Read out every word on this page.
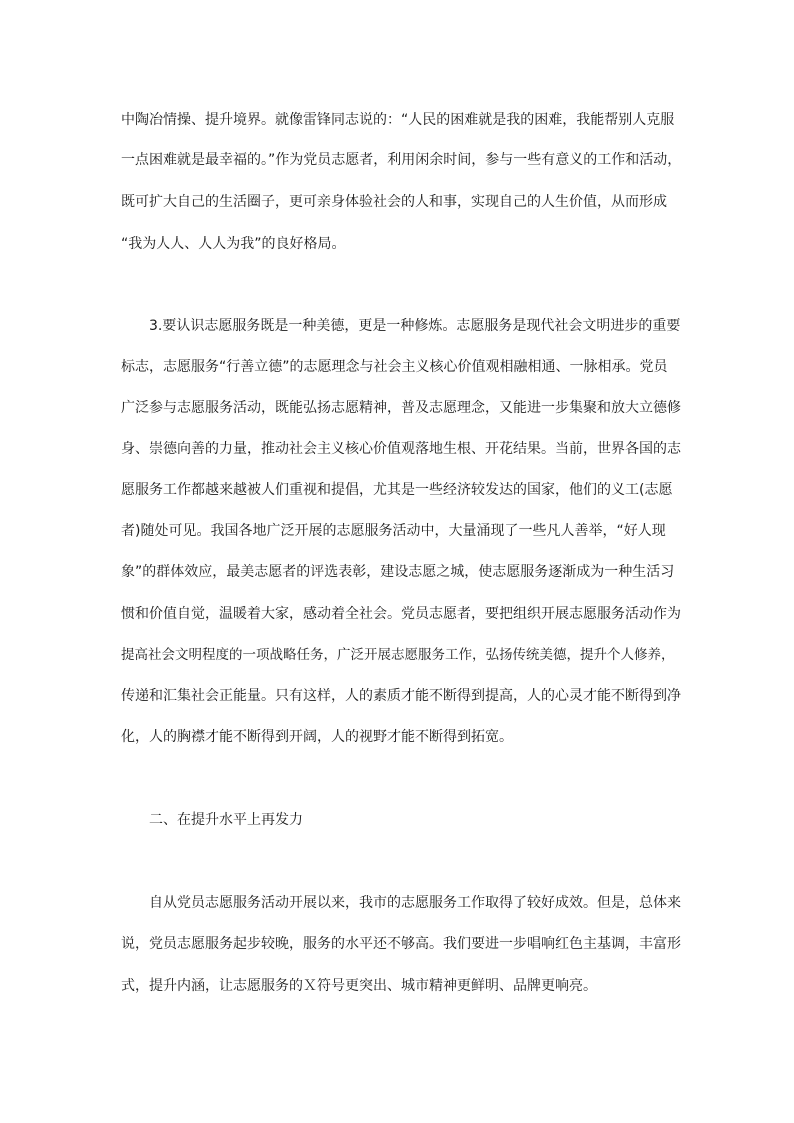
中陶冶情操、提升境界。就像雷锋同志说的：“人民的困难就是我的困难，我能帮别人克服
一点困难就是最幸福的。”作为党员志愿者，利用闲余时间，参与一些有意义的工作和活动，
既可扩大自己的生活圈子，更可亲身体验社会的人和事，实现自己的人生价值，从而形成
“我为人人、人人为我”的良好格局。
3.要认识志愿服务既是一种美德，更是一种修炼。志愿服务是现代社会文明进步的重要
标志，志愿服务“行善立德”的志愿理念与社会主义核心价值观相融相通、一脉相承。党员
广泛参与志愿服务活动，既能弘扬志愿精神，普及志愿理念，又能进一步集聚和放大立德修
身、崇德向善的力量，推动社会主义核心价值观落地生根、开花结果。当前，世界各国的志
愿服务工作都越来越被人们重视和提倡，尤其是一些经济较发达的国家，他们的义工(志愿
者)随处可见。我国各地广泛开展的志愿服务活动中，大量涌现了一些凡人善举，“好人现
象”的群体效应，最美志愿者的评选表彰，建设志愿之城，使志愿服务逐渐成为一种生活习
惯和价值自觉，温暖着大家，感动着全社会。党员志愿者，要把组织开展志愿服务活动作为
提高社会文明程度的一项战略任务，广泛开展志愿服务工作，弘扬传统美德，提升个人修养，
传递和汇集社会正能量。只有这样，人的素质才能不断得到提高，人的心灵才能不断得到净
化，人的胸襟才能不断得到开阔，人的视野才能不断得到拓宽。
二、在提升水平上再发力
自从党员志愿服务活动开展以来，我市的志愿服务工作取得了较好成效。但是，总体来
说，党员志愿服务起步较晚，服务的水平还不够高。我们要进一步唱响红色主基调，丰富形
式，提升内涵，让志愿服务的Ｘ符号更突出、城市精神更鲜明、品牌更响亮。
